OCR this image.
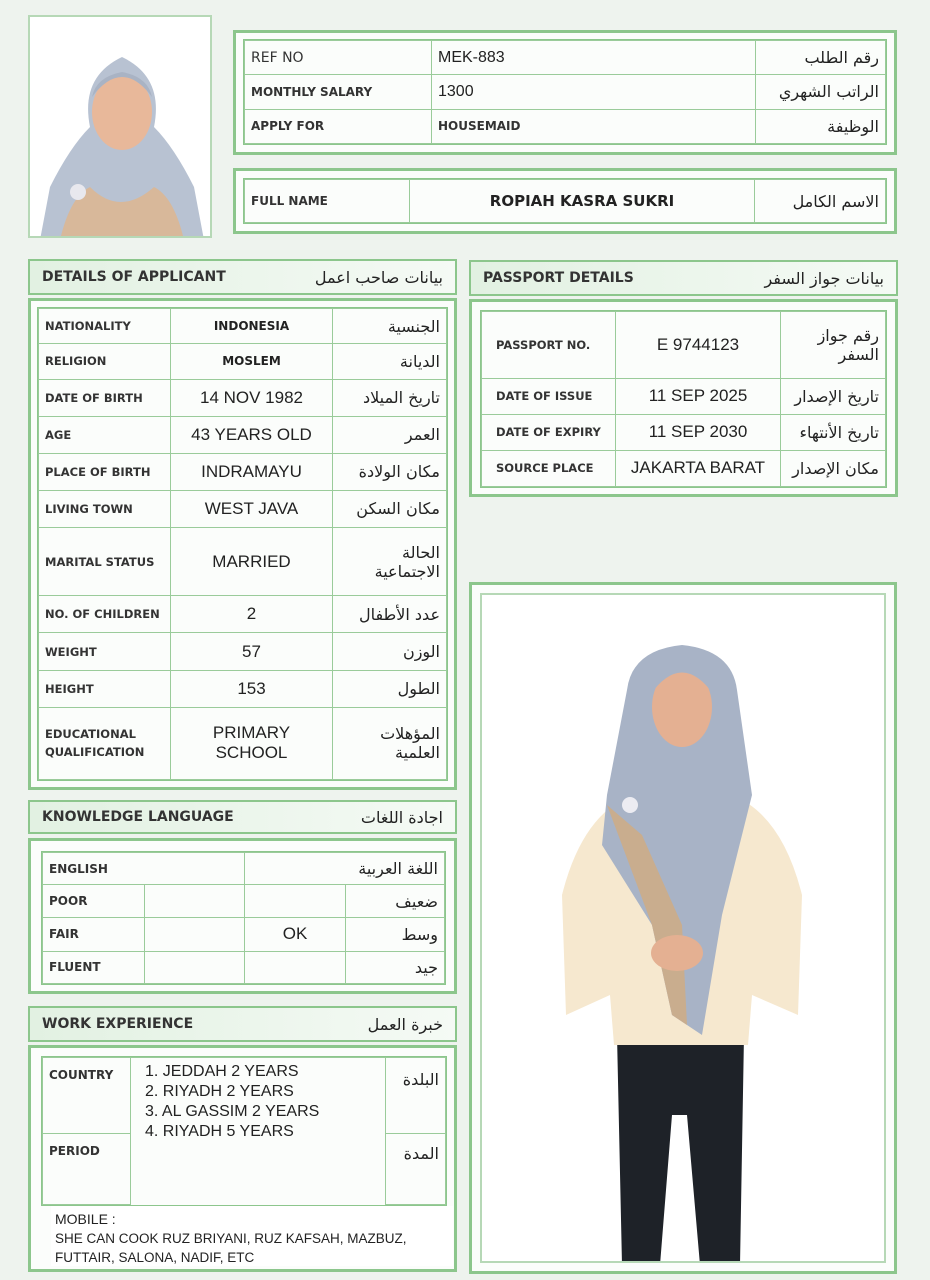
REF NO	MEK-883	رقم الطلب
MONTHLY SALARY	1300	الراتب الشهري
APPLY FOR	HOUSEMAID	الوظيفة
FULL NAME	ROPIAH KASRA SUKRI	الاسم الكامل
DETAILS OF APPLICANT	بيانات صاحب اعمل
NATIONALITY	INDONESIA	الجنسية
RELIGION	MOSLEM	الديانة
DATE OF BIRTH	14 NOV 1982	تاريخ الميلاد
AGE	43 YEARS OLD	العمر
PLACE OF BIRTH	INDRAMAYU	مكان الولادة
LIVING TOWN	WEST JAVA	مكان السكن
MARITAL STATUS	MARRIED	الحالة الاجتماعية
NO. OF CHILDREN	2	عدد الأطفال
WEIGHT	57	الوزن
HEIGHT	153	الطول
EDUCATIONAL QUALIFICATION	PRIMARY SCHOOL	المؤهلات العلمية
PASSPORT DETAILS	بيانات جواز السفر
PASSPORT NO.	E 9744123	رقم جواز السفر
DATE OF ISSUE	11 SEP 2025	تاريخ الإصدار
DATE OF EXPIRY	11 SEP 2030	تاريخ الأنتهاء
SOURCE PLACE	JAKARTA BARAT	مكان الإصدار
KNOWLEDGE LANGUAGE	اجادة اللغات
ENGLISH		اللغة العربية	
POOR			ضعيف
FAIR		OK	وسط
FLUENT			جيد
WORK EXPERIENCE	خبرة العمل
COUNTRY	1. JEDDAH 2 YEARS
2. RIYADH 2 YEARS
3. AL GASSIM 2 YEARS
4. RIYADH 5 YEARS	البلدة
PERIOD		المدة
MOBILE :
SHE CAN COOK RUZ BRIYANI, RUZ KAFSAH, MAZBUZ, FUTTAIR, SALONA, NADIF, ETC
